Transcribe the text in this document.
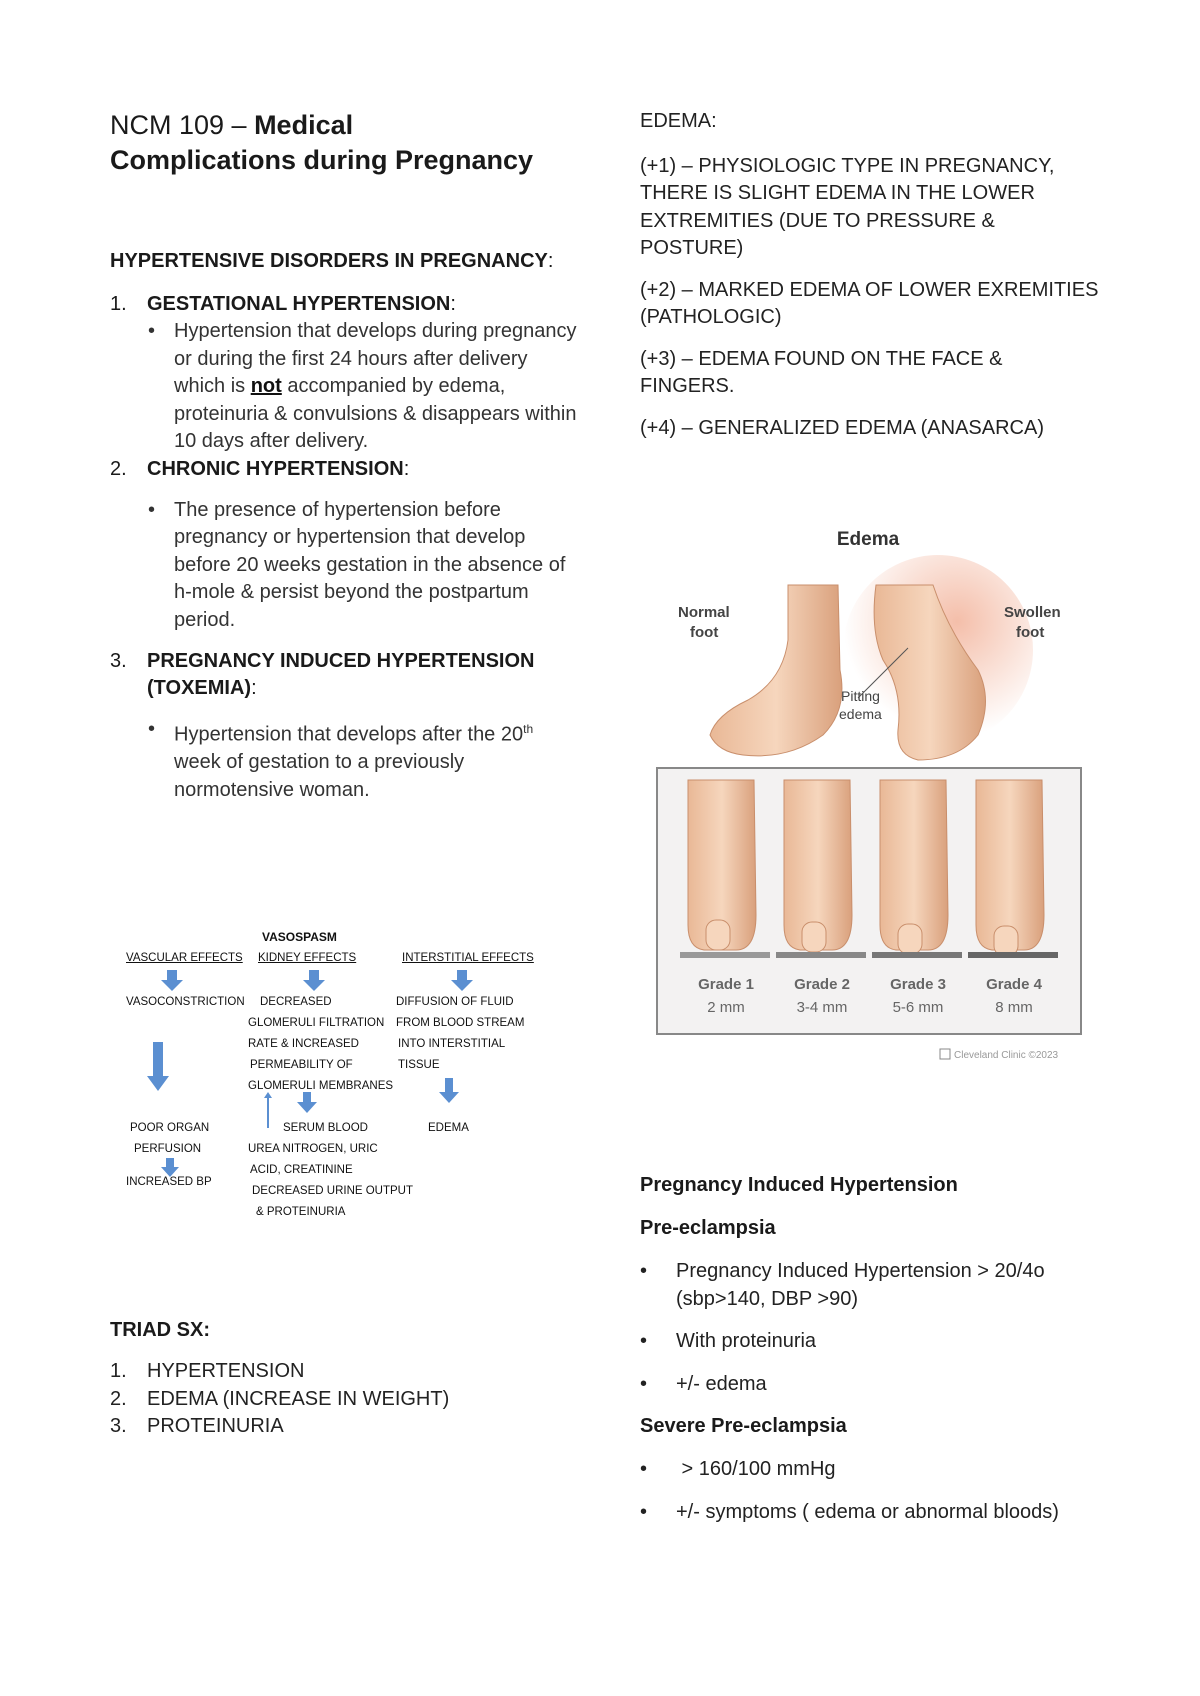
NCM 109 – Medical
Complications during Pregnancy
HYPERTENSIVE DISORDERS IN PREGNANCY:
1.	GESTATIONAL HYPERTENSION:
• Hypertension that develops during pregnancy or during the first 24 hours after delivery which is not accompanied by edema, proteinuria & convulsions & disappears within 10 days after delivery.
2.	CHRONIC HYPERTENSION:
• The presence of hypertension before pregnancy or hypertension that develop before 20 weeks gestation in the absence of h-mole & persist beyond the postpartum period.
3.	PREGNANCY INDUCED HYPERTENSION (TOXEMIA):
• Hypertension that develops after the 20th week of gestation to a previously normotensive woman.
VASOSPASM
VASCULAR EFFECTS KIDNEY EFFECTS	INTERSTITIAL EFFECTS
VASOCONSTRICTION DECREASED
GLOMERULI FILTRATION
RATE & INCREASED
PERMEABILITY OF
GLOMERULI MEMBRANES
DIFFUSION OF FLUID
FROM BLOOD STREAM
INTO INTERSTITIAL
TISSUE
POOR ORGAN
PERFUSION
INCREASED BP
SERUM BLOOD
UREA NITROGEN, URIC
ACID, CREATININE
DECREASED URINE OUTPUT
& PROTEINURIA
EDEMA
TRIAD SX:
1.	HYPERTENSION
2.	EDEMA (INCREASE IN WEIGHT)
3.	PROTEINURIA

EDEMA:

(+1) – PHYSIOLOGIC TYPE IN PREGNANCY, THERE IS SLIGHT EDEMA IN THE LOWER EXTREMITIES (DUE TO PRESSURE & POSTURE)

(+2) – MARKED EDEMA OF LOWER EXREMITIES (PATHOLOGIC)

(+3) – EDEMA FOUND ON THE FACE & FINGERS.

(+4) – GENERALIZED EDEMA (ANASARCA)

Edema
Normal
foot
Swollen
foot
Pitting
edema
Grade 1
2 mm
Grade 2
3-4 mm
Grade 3
5-6 mm
Grade 4
8 mm
Cleveland Clinic ©2023
Pregnancy Induced Hypertension
Pre-eclampsia
•	Pregnancy Induced Hypertension > 20/4o (sbp>140, DBP >90)
•	With proteinuria
•	+/- edema
Severe Pre-eclampsia
•	> 160/100 mmHg
•	+/- symptoms ( edema or abnormal bloods)
